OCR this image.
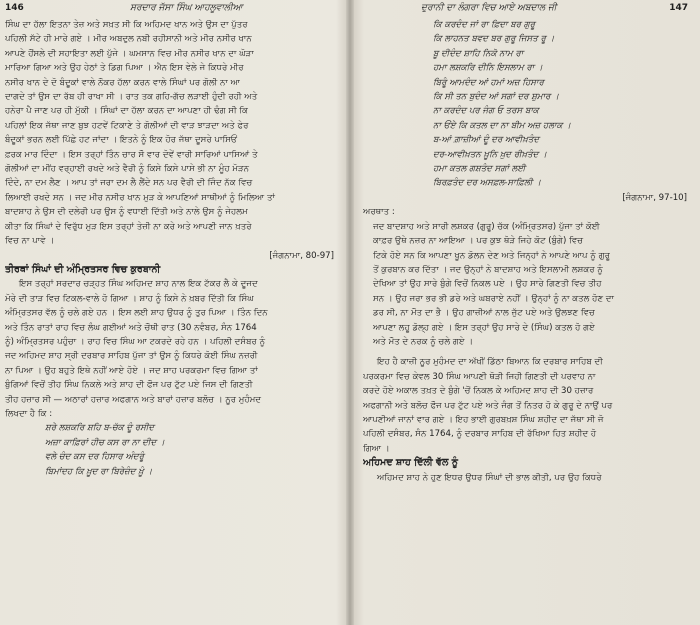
146	ਸਰਦਾਰ ਜੱਸਾ ਸਿੰਘ ਆਹਲੂਵਾਲੀਆ
ਸਿੰਘ ਦਾ ਹੱਲਾ ਇਤਨਾ ਤੇਜ਼ ਅਤੇ ਸਖ਼ਤ ਸੀ ਕਿ ਅਹਿਮਦ ਖਾਨ ਅਤੇ ਉਸ ਦਾ ਪੁੱਤਰ
ਪਹਿਲੀ ਸੱਟੇ ਹੀ ਮਾਰੇ ਗਏ । ਮੀਰ ਅਬਦੁਲ ਨਬੀ ਰਹੀਸਾਨੀ ਅਤੇ ਮੀਰ ਨਸੀਰ ਖਾਨ
ਆਪਣੇ ਹੌਂਸਲੇ ਦੀ ਸਹਾਇਤਾ ਲਈ ਪੁੱਜੇ । ਘਮਸਾਨ ਵਿਚ ਮੀਰ ਨਸੀਰ ਖਾਨ ਦਾ ਘੋੜਾ
ਮਾਰਿਆ ਗਿਆ ਅਤੇ ਉਹ ਹੇਠਾਂ ਤੇ ਡਿਗ ਪਿਆ । ਐਨ ਇਸ ਵੇਲੇ ਜੇ ਕਿਧਰੇ ਮੀਰ
ਨਸੀਰ ਖਾਨ ਦੇ ਦੋ ਬੰਦੂਕਾਂ ਵਾਲੇ ਨੌਕਰ ਹੱਲਾ ਕਰਨ ਵਾਲੇ ਸਿੰਘਾਂ ਪਰ ਗੋਲੀ ਨਾ ਆ
ਦਾਗਦੇ ਤਾਂ ਉਸ ਦਾ ਰੱਬ ਹੀ ਰਾਖਾ ਸੀ । ਰਾਤ ਤਕ ਗਹਿ-ਗੱਚ ਲੜਾਈ ਹੁੰਦੀ ਰਹੀ ਅਤੇ
ਹਨੇਰਾ ਪੈ ਜਾਣ ਪਰ ਹੀ ਮੁੱਕੀ । ਸਿੰਘਾਂ ਦਾ ਹੱਲਾ ਕਰਨ ਦਾ ਆਪਣਾ ਹੀ ਢੰਗ ਸੀ ਕਿ
ਪਹਿਲਾਂ ਇਕ ਜੱਥਾ ਜਾਣ ਬੁਝ ਹਟਵੇਂ ਟਿਕਾਣੇ ਤੇ ਗੋਲੀਆਂ ਦੀ ਵਾੜ ਝਾੜਦਾ ਅਤੇ ਫੇਰ
ਬੰਦੂਕਾਂ ਭਰਨ ਲਈ ਪਿੱਛੇ ਹਟ ਜਾਂਦਾ । ਇਤਨੇ ਨੂੰ ਇਕ ਹੋਰ ਜੱਥਾ ਦੂਸਰੇ ਪਾਸਿਓਂ
ਫ਼ਰਕ ਮਾਰ ਦਿੰਦਾ । ਇਸ ਤਰ੍ਹਾਂ ਤਿੰਨ ਚਾਰ ਸੌ ਵਾਰ ਦੋਵੇਂ ਵਾਰੀ ਸਾਰਿਆਂ ਪਾਸਿਆਂ ਤੇ
ਗੋਲੀਆਂ ਦਾ ਮੀਂਹ ਵਰ੍ਹਾਈ ਰਖਦੇ ਅਤੇ ਵੈਰੀ ਨੂੰ ਕਿਸੇ ਕਿਸੇ ਪਾਸੇ ਭੀ ਨਾ ਮੂੰਹ ਮੋੜਨ
ਦਿੰਦੇ, ਨਾ ਦਮ ਲੈਣ । ਆਪ ਤਾਂ ਜਰਾ ਦਮ ਲੈ ਲੈਂਦੇ ਸਨ ਪਰ ਵੈਰੀ ਦੀ ਜਿੰਦ ਨੱਕ ਵਿਚ
ਲਿਆਈ ਰਖਦੇ ਸਨ । ਜਦ ਮੀਰ ਨਸੀਰ ਖਾਨ ਮੁੜ ਕੇ ਆਪਣਿਆਂ ਸਾਥੀਆਂ ਨੂੰ ਮਿਲਿਆ ਤਾਂ
ਬਾਦਸ਼ਾਹ ਨੇ ਉਸ ਦੀ ਦਲੇਰੀ ਪਰ ਉਸ ਨੂੰ ਵਧਾਈ ਦਿੱਤੀ ਅਤੇ ਨਾਲੇ ਉਸ ਨੂੰ ਜੇਹਲਮ
ਕੀਤਾ ਕਿ ਸਿੰਘਾਂ ਦੇ ਵਿਰੁੱਧ ਮੁੜ ਇਸ ਤਰ੍ਹਾਂ ਤੇਜ਼ੀ ਨਾ ਕਰੇ ਅਤੇ ਆਪਣੀ ਜਾਨ ਖ਼ਤਰੇ
ਵਿਚ ਨਾ ਪਾਵੇ ।
[ਜੰਗਨਾਮਾ, 80-97]
ਤੀਰਥਾਂ ਸਿੰਘਾਂ ਦੀ ਅੰਮ੍ਰਿਤਸਰ ਵਿਚ ਕੁਰਬਾਨੀ
ਇਸ ਤਰ੍ਹਾਂ ਸਰਦਾਰ ਚੜ੍ਹਤ ਸਿੰਘ ਅਹਿਮਦ ਸ਼ਾਹ ਨਾਲ ਇਕ ਟੱਕਰ ਲੈ ਕੇ ਦੂਜਦ
ਮੋਰੇ ਦੀ ਤਾੜ ਵਿਚ ਟਿਕਲ-ਵਾਲੇ ਹੋ ਗਿਆ । ਸ਼ਾਹ ਨੂੰ ਕਿਸੇ ਨੇ ਖ਼ਬਰ ਦਿੱਤੀ ਕਿ ਸਿੰਘ
ਅੰਮ੍ਰਿਤਸਰ ਵੱਲ ਨੂੰ ਚਲੇ ਗਏ ਹਨ । ਇਸ ਲਈ ਸ਼ਾਹ ਉਧਰ ਨੂੰ ਤੁਰ ਪਿਆ । ਤਿੰਨ ਦਿਨ
ਅਤੇ ਤਿੰਨ ਰਾਤਾਂ ਰਾਹ ਵਿਚ ਲੰਘ ਗਈਆਂ ਅਤੇ ਚੌਥੀ ਰਾਤ (30 ਨਵੰਬਰ, ਸੰਨ 1764
ਨੂੰ) ਅੰਮ੍ਰਿਤਸਰ ਪਹੁੰਚਾ । ਰਾਹ ਵਿਚ ਸਿੰਘ ਆ ਟਕਰਦੇ ਰਹੇ ਹਨ । ਪਹਿਲੀ ਦਸੰਬਰ ਨੂੰ
ਜਦ ਅਹਿਮਦ ਸ਼ਾਹ ਸ੍ਰੀ ਦਰਬਾਰ ਸਾਹਿਬ ਪੁੱਜਾ ਤਾਂ ਉਸ ਨੂੰ ਕਿਧਰੇ ਕੋਈ ਸਿੰਘ ਨਜ਼ਰੀ
ਨਾ ਪਿਆ । ਉਹ ਬਹੁਤੇ ਇਥੇ ਨਹੀਂ ਆਏ ਹੋਏ । ਜਦ ਸ਼ਾਹ ਪਰਕਰਮਾ ਵਿਚ ਗਿਆ ਤਾਂ
ਬੁੰਗਿਆਂ ਵਿਚੋਂ ਤੀਹ ਸਿੰਘ ਨਿਕਲੇ ਅਤੇ ਸ਼ਾਹ ਦੀ ਫੌਜ ਪਰ ਟੁੱਟ ਪਏ ਜਿਸ ਦੀ ਗਿਣਤੀ
ਤੀਹ ਹਜ਼ਾਰ ਸੀ — ਅਠਾਰਾਂ ਹਜ਼ਾਰ ਅਫਗਾਨ ਅਤੇ ਬਾਰਾਂ ਹਜ਼ਾਰ ਬਲੋਚ । ਨੂਰ ਮੁਹੰਮਦ
ਲਿਖਦਾ ਹੈ ਕਿ :
ਸ਼ਰੇ ਲਸ਼ਕਰਿ ਸ਼ਹਿ ਬ-ਚੱਕ ਦੂੰ ਰਸੀਦ
ਅਜ਼ਾ ਕਾਫ਼ਿਰਾਂ ਹੀਚ ਕਸ ਰਾ ਨਾ ਦੀਦ ।
ਵਲੇ ਚੰਦ ਕਸ ਦਰ ਹਿਸਾਰ ਅੰਦਰੂੰ
ਬਿਮਾਂਦਹ ਕਿ ਖ਼ੂਦ ਰਾ ਬਿਰੇਜ਼ੰਦ ਖ਼ੂੰ ।
ਦੁਰਾਨੀ ਦਾ ਲੰਗਰਾ ਵਿਚ ਆਏ ਅਬਦਾਲ ਜੀ	147
ਕਿ ਕਰਦੰਦ ਜਾਂ ਰਾ ਫ਼ਿਦਾ ਬਰ ਗੁਰੂ
ਕਿ ਲਾਹਨਤ ਬਵਦ ਬਰ ਗੁਰੂ ਜਿਸਤ ਰੂ ।
ਬੂ ਦੀਦੰਦ ਸ਼ਾਹਿ ਨਿਕੋ ਨਾਮ ਰਾ
ਹਮਾ ਲਸ਼ਕਰਿ ਦੀਨਿ ਇਸਲਾਮ ਰਾ ।
ਬਿਰੂੰ ਆਮਦੰਦ ਆਂ ਹਮਾਂ ਅਜ਼ ਹਿਸਾਰ
ਕਿ ਸੀ ਤਨ ਬੁਦੰਦ ਆਂ ਸਗਾਂ ਦਰ ਸ਼ੁਮਾਰ ।
ਨਾ ਕਰਦੰਦ ਪਰ ਜੰਗ ਓ ਤਰਸ ਬਾਕ
ਨਾ ਓਂਏ ਕਿ ਕਤਲ ਦਾ ਨਾ ਬੀਮ ਅਜ਼ ਹਲਾਕ ।
ਬ-ਆਂ ਗ਼ਾਜ਼ੀਆਂ ਦੂੰ ਦਰ ਆਵੀਖ਼ਤੰਦ
ਦਰ-ਆਵੀਖ਼ਤਨ ਖ਼ੂਨਿ ਖ਼ੁਦ ਰੀਖ਼ਤੰਦ ।
ਹਮਾ ਕਤਲ ਗਸ਼ਤੰਦ ਸਗਾਂ ਲਈ
ਬਿਰਫ਼ਤੰਦ ਦਰ ਅਸਫ਼ਲ-ਸਾਫ਼ਿਲੀ ।
[ਜੰਗਨਾਮਾ, 97-10]
ਅਰਥਾਤ :
ਜਦ ਬਾਦਸ਼ਾਹ ਅਤੇ ਸਾਰੀ ਲਸ਼ਕਰ (ਗੁਰੂ) ਚੱਕ (ਅੰਮ੍ਰਿਤਸਰ) ਪੁੱਜਾ ਤਾਂ ਕੋਈ
ਕਾਫ਼ਰ ਉਥੇ ਨਜ਼ਰ ਨਾ ਆਇਆ । ਪਰ ਕੁਝ ਥੋੜੇ ਜਿਹੇ ਕੋਟ (ਬੁੰਗੇ) ਵਿਚ
ਟਿਕੇ ਹੋਏ ਸਨ ਕਿ ਆਪਣਾ ਖੂਨ ਡੋਲਨ ਦੇਣ ਅਤੇ ਜਿਨ੍ਹਾਂ ਨੇ ਆਪਣੇ ਆਪ ਨੂੰ ਗੁਰੂ
ਤੋਂ ਕੁਰਬਾਨ ਕਰ ਦਿੱਤਾ । ਜਦ ਉਨ੍ਹਾਂ ਨੇ ਬਾਦਸ਼ਾਹ ਅਤੇ ਇਸਲਾਮੀ ਲਸ਼ਕਰ ਨੂੰ
ਦੇਖਿਆ ਤਾਂ ਉਹ ਸਾਰੇ ਬੁੰਗੇ ਵਿਚੋਂ ਨਿਕਲ ਪਏ । ਉਹ ਸਾਰੇ ਗਿਣਤੀ ਵਿਚ ਤੀਹ
ਸਨ । ਉਹ ਜਰਾ ਭਰ ਭੀ ਡਰੇ ਅਤੇ ਘਬਰਾਏ ਨਹੀਂ । ਉਨ੍ਹਾਂ ਨੂੰ ਨਾ ਕਤਲ ਹੋਣ ਦਾ
ਡਰ ਸੀ, ਨਾ ਮੌਤ ਦਾ ਭੈ । ਉਹ ਗਾਜ਼ੀਆਂ ਨਾਲ ਜੁੱਟ ਪਏ ਅਤੇ ਉਲਝਣ ਵਿਚ
ਆਪਣਾ ਲਹੂ ਡੋਲ੍ਹ ਗਏ । ਇਸ ਤਰ੍ਹਾਂ ਉਹ ਸਾਰੇ ਦੇ (ਸਿੰਘ) ਕਤਲ ਹੋ ਗਏ
ਅਤੇ ਮੌਤ ਦੇ ਨਰਕ ਨੂੰ ਚਲੇ ਗਏ ।
ਇਹ ਹੈ ਕਾਜ਼ੀ ਨੂਰ ਮੁਹੰਮਦ ਦਾ ਅੱਖੀਂ ਡਿੱਠਾ ਬਿਆਨ ਕਿ ਦਰਬਾਰ ਸਾਹਿਬ ਦੀ
ਪਰਕਰਮਾ ਵਿਚ ਕੇਵਲ 30 ਸਿੰਘ ਆਪਣੀ ਥੋੜੀ ਜਿਹੀ ਗਿਣਤੀ ਦੀ ਪਰਵਾਹ ਨਾ
ਕਰਦੇ ਹੋਏ ਅਕਾਲ ਤਖ਼ਤ ਦੇ ਬੁੰਗੇ 'ਚੋਂ ਨਿਕਲ ਕੇ ਅਹਿਮਦ ਸ਼ਾਹ ਦੀ 30 ਹਜ਼ਾਰ
ਅਫਗਾਨੀ ਅਤੇ ਬਲੋਚ ਫੌਜ ਪਰ ਟੁੱਟ ਪਏ ਅਤੇ ਜੰਗ ਤੋਂ ਨਿਤਰ ਹੋ ਕੇ ਗੁਰੂ ਦੇ ਨਾਉਂ ਪਰ
ਆਪਣੀਆਂ ਜਾਨਾਂ ਵਾਰ ਗਏ । ਇਹ ਭਾਈ ਗੁਰਬਖ਼ਸ਼ ਸਿੰਘ ਸ਼ਹੀਦ ਦਾ ਜੱਥਾ ਸੀ ਜੋ
ਪਹਿਲੀ ਦਸੰਬਰ, ਸੰਨ 1764, ਨੂੰ ਦਰਬਾਰ ਸਾਹਿਬ ਦੀ ਰੱਖਿਆ ਹਿਤ ਸ਼ਹੀਦ ਹੋ
ਗਿਆ ।
ਅਹਿਮਦ ਸ਼ਾਹ ਦਿੱਲੀ ਵੱਲ ਨੂੰ
ਅਹਿਮਦ ਸ਼ਾਹ ਨੇ ਹੁਣ ਇਧਰ ਉਧਰ ਸਿੰਘਾਂ ਦੀ ਭਾਲ ਕੀਤੀ, ਪਰ ਉਹ ਕਿਧਰੇ
